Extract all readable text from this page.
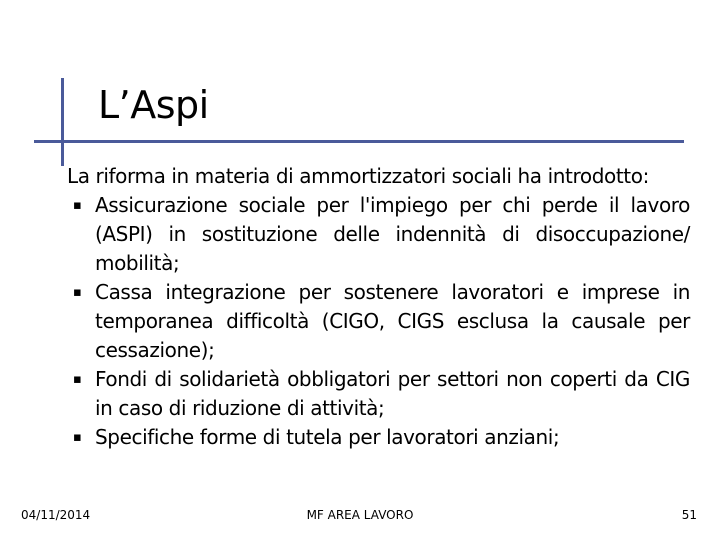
L’Aspi

La riforma in materia di ammortizzatori sociali ha introdotto:

▪ Assicurazione sociale per l'impiego per chi perde il lavoro (ASPI) in sostituzione delle indennità di disoccupazione/ mobilità;
▪ Cassa integrazione per sostenere lavoratori e imprese in temporanea difficoltà (CIGO, CIGS esclusa la causale per cessazione);
▪ Fondi di solidarietà obbligatori per settori non coperti da CIG in caso di riduzione di attività;
▪ Specifiche forme di tutela per lavoratori anziani;
04/11/2014	MF AREA LAVORO	51
